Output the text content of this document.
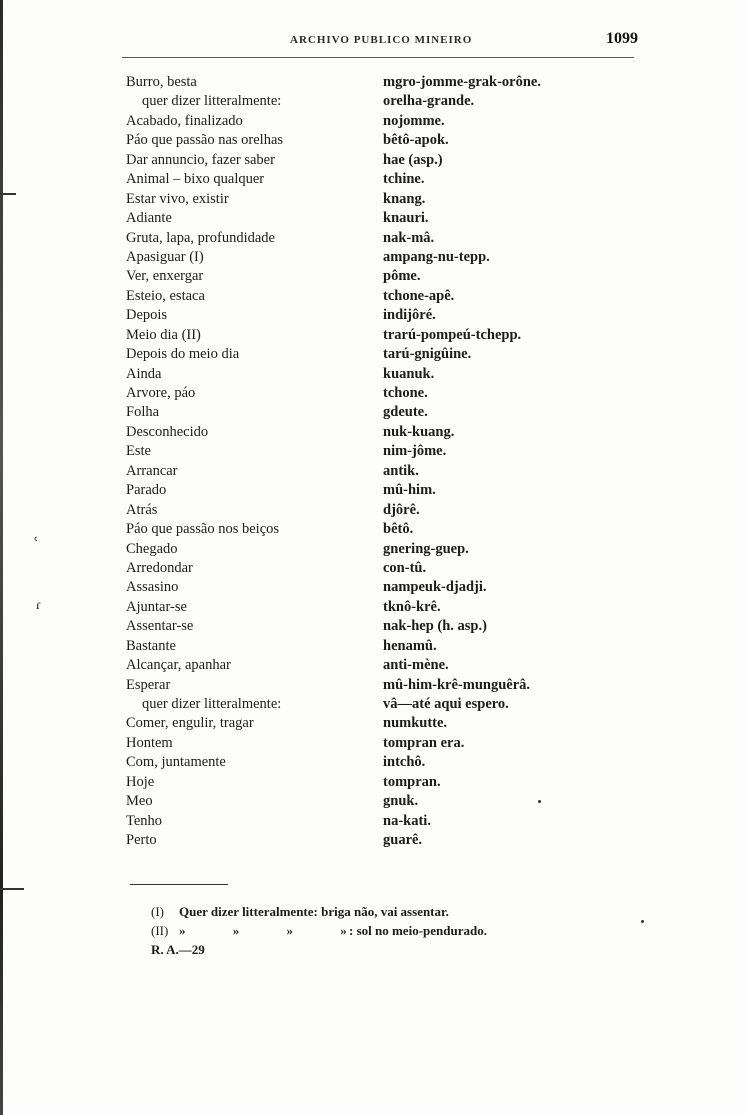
ARCHIVO PUBLICO MINEIRO	1099
Burro, besta	mgro-jomme-grak-orône.
quer dizer litteralmente:	orelha-grande.
Acabado, finalizado	nojomme.
Páo que passão nas orelhas	bêtô-apok.
Dar annuncio, fazer saber	hae (asp.)
Animal – bixo qualquer	tchine.
Estar vivo, existir	knang.
Adiante	knauri.
Gruta, lapa, profundidade	nak-mâ.
Apasiguar (I)	ampang-nu-tepp.
Ver, enxergar	pôme.
Esteio, estaca	tchone-apê.
Depois	indijôré.
Meio dia (II)	trarú-pompeú-tchepp.
Depois do meio dia	tarú-gnigûine.
Ainda	kuanuk.
Arvore, páo	tchone.
Folha	gdeute.
Desconhecido	nuk-kuang.
Este	nim-jôme.
Arrancar	antik.
Parado	mû-him.
Atrás	djôrê.
Páo que passão nos beiços	bêtô.
Chegado	gnering-guep.
Arredondar	con-tû.
Assasino	nampeuk-djadji.
Ajuntar-se	tknô-krê.
Assentar-se	nak-hep (h. asp.)
Bastante	henamû.
Alcançar, apanhar	anti-mène.
Esperar	mû-him-krê-munguêrâ.
quer dizer litteralmente:	vâ—até aqui espero.
Comer, engulir, tragar	numkutte.
Hontem	tompran era.
Com, juntamente	intchô.
Hoje	tompran.
Meo	gnuk.
Tenho	na-kati.
Perto	guarê.
˓
ɾ
(I) Quer dizer litteralmente: briga não, vai assentar.
(II) » » » »: sol no meio-pendurado.
R. A.—29
